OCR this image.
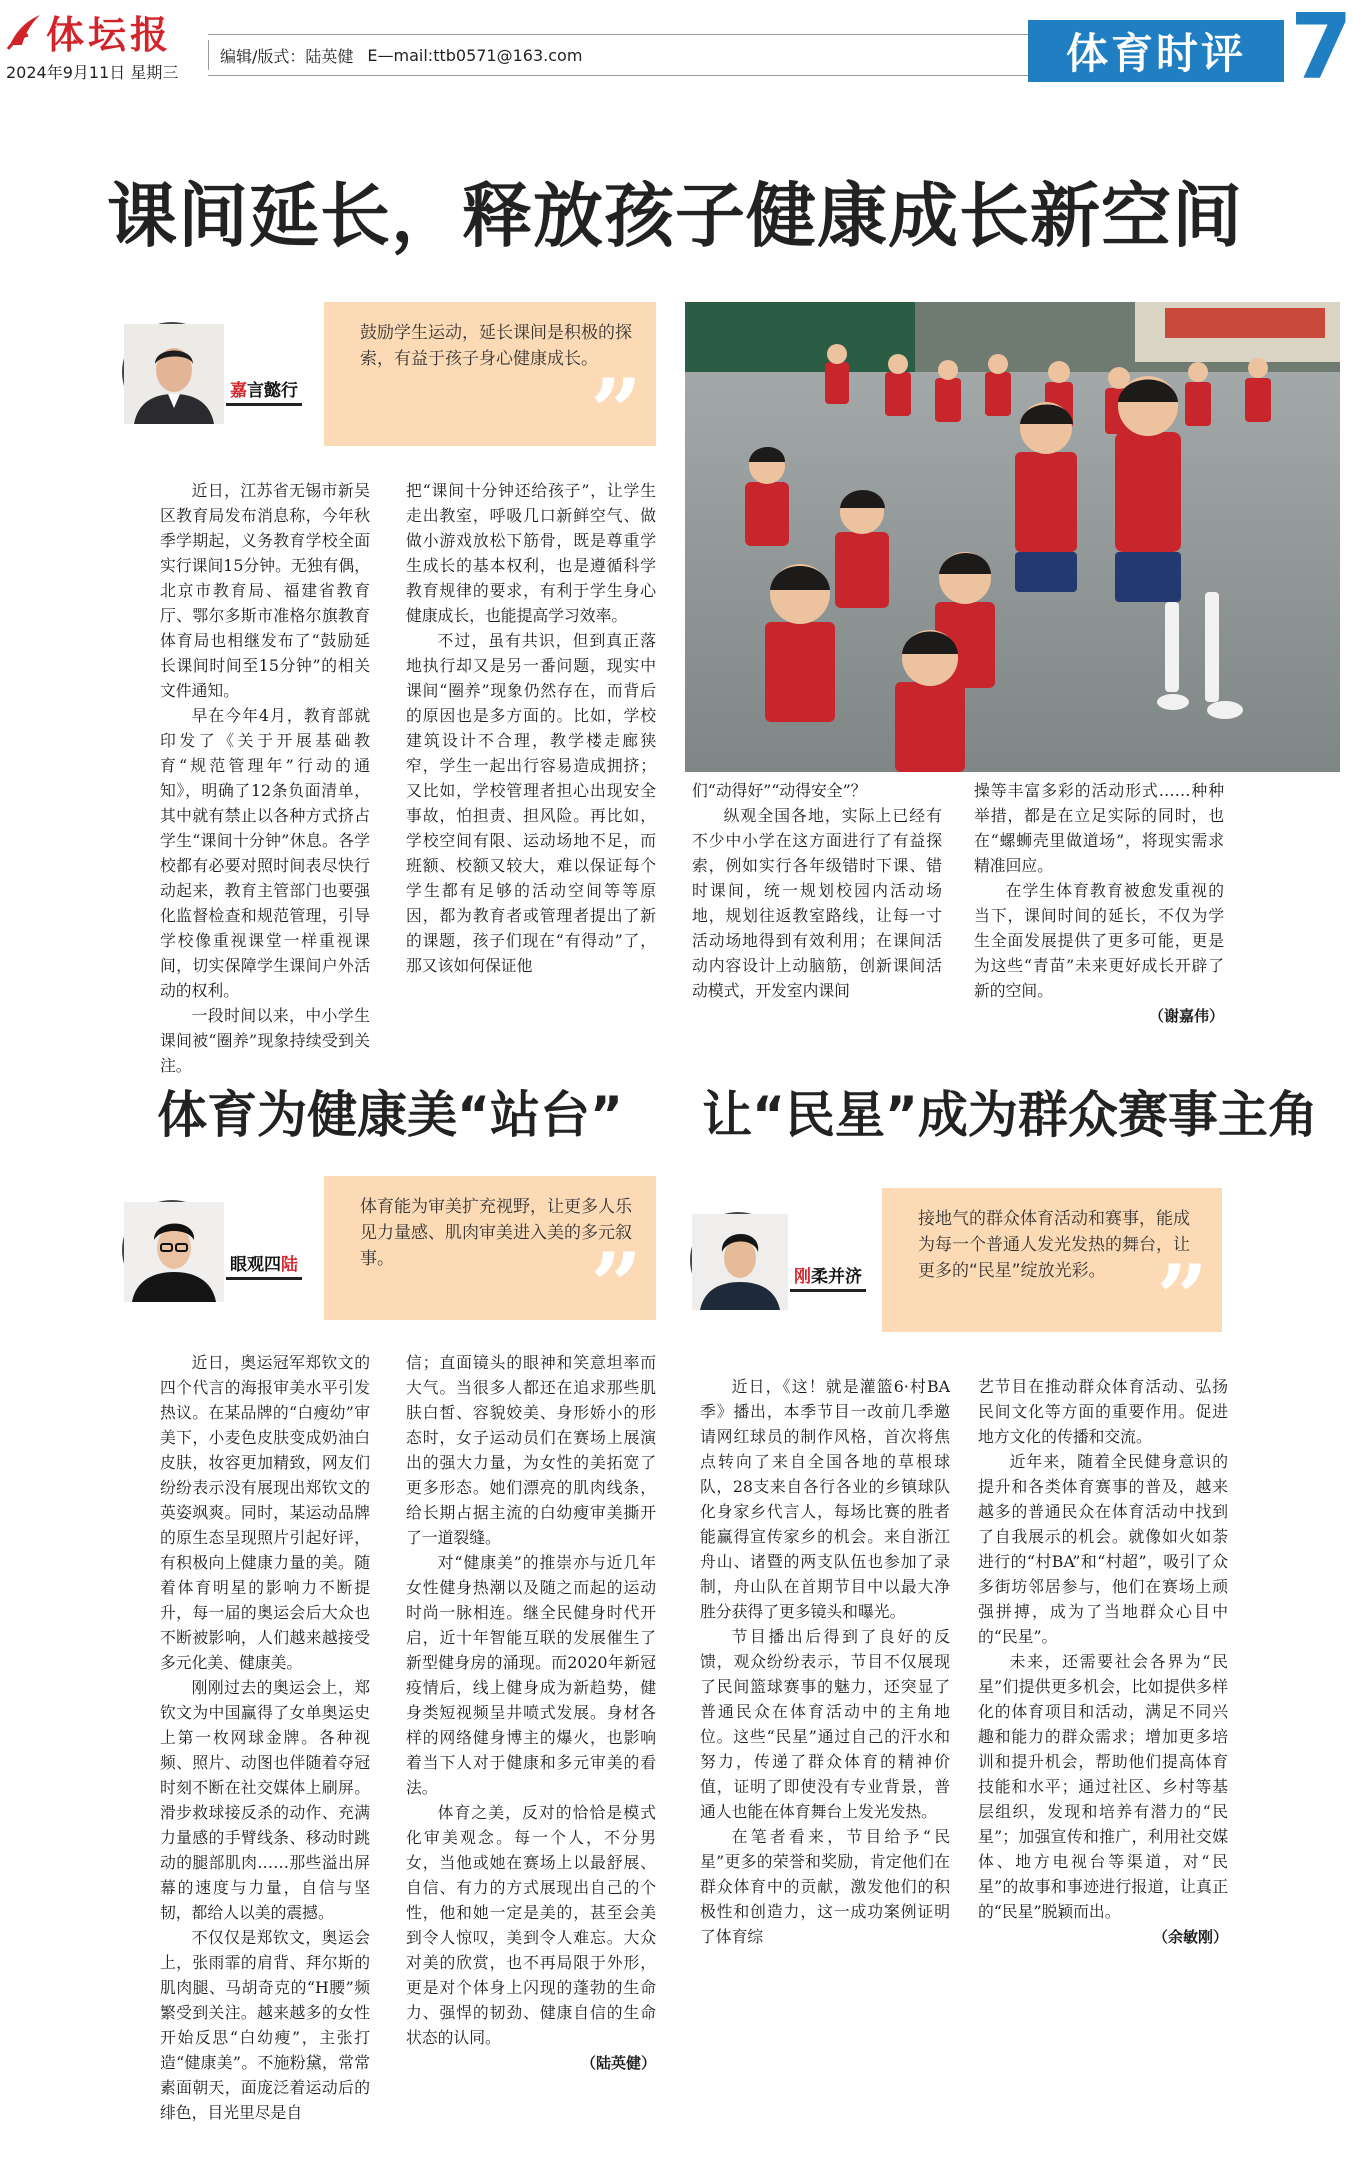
体坛报
2024年9月11日 星期三
编辑/版式：陆英健 E—mail:ttb0571@163.com	体育时评 7
课间延长，释放孩子健康成长新空间
嘉言懿行
鼓励学生运动，延长课间是积极的探索，有益于孩子身心健康成长。
”

近日，江苏省无锡市新吴区教育局发布消息称，今年秋季学期起，义务教育学校全面实行课间15分钟。无独有偶，北京市教育局、福建省教育厅、鄂尔多斯市准格尔旗教育体育局也相继发布了“鼓励延长课间时间至15分钟”的相关文件通知。

早在今年4月，教育部就印发了《关于开展基础教育“规范管理年”行动的通知》，明确了12条负面清单，其中就有禁止以各种方式挤占学生“课间十分钟”休息。各学校都有必要对照时间表尽快行动起来，教育主管部门也要强化监督检查和规范管理，引导学校像重视课堂一样重视课间，切实保障学生课间户外活动的权利。

一段时间以来，中小学生课间被“圈养”现象持续受到关注。

把“课间十分钟还给孩子”，让学生走出教室，呼吸几口新鲜空气、做做小游戏放松下筋骨，既是尊重学生成长的基本权利，也是遵循科学教育规律的要求，有利于学生身心健康成长，也能提高学习效率。

不过，虽有共识，但到真正落地执行却又是另一番问题，现实中课间“圈养”现象仍然存在，而背后的原因也是多方面的。比如，学校建筑设计不合理，教学楼走廊狭窄，学生一起出行容易造成拥挤；又比如，学校管理者担心出现安全事故，怕担责、担风险。再比如，学校空间有限、运动场地不足，而班额、校额又较大，难以保证每个学生都有足够的活动空间等等原因，都为教育者或管理者提出了新的课题，孩子们现在“有得动”了，那又该如何保证他

们“动得好”“动得安全”？

纵观全国各地，实际上已经有不少中小学在这方面进行了有益探索，例如实行各年级错时下课、错时课间，统一规划校园内活动场地，规划往返教室路线，让每一寸活动场地得到有效利用；在课间活动内容设计上动脑筋，创新课间活动模式，开发室内课间

操等丰富多彩的活动形式……种种举措，都是在立足实际的同时，也在“螺蛳壳里做道场”，将现实需求精准回应。

在学生体育教育被愈发重视的当下，课间时间的延长，不仅为学生全面发展提供了更多可能，更是为这些“青苗”未来更好成长开辟了新的空间。

（谢嘉伟）

体育为健康美“站台”
眼观四陆
体育能为审美扩充视野，让更多人乐见力量感、肌肉审美进入美的多元叙事。 ”

近日，奥运冠军郑钦文的四个代言的海报审美水平引发热议。在某品牌的“白瘦幼”审美下，小麦色皮肤变成奶油白皮肤，妆容更加精致，网友们纷纷表示没有展现出郑钦文的英姿飒爽。同时，某运动品牌的原生态呈现照片引起好评，有积极向上健康力量的美。随着体育明星的影响力不断提升，每一届的奥运会后大众也不断被影响，人们越来越接受多元化美、健康美。

刚刚过去的奥运会上，郑钦文为中国赢得了女单奥运史上第一枚网球金牌。各种视频、照片、动图也伴随着夺冠时刻不断在社交媒体上刷屏。滑步救球接反杀的动作、充满力量感的手臂线条、移动时跳动的腿部肌肉……那些溢出屏幕的速度与力量，自信与坚韧，都给人以美的震撼。

不仅仅是郑钦文，奥运会上，张雨霏的肩背、拜尔斯的肌肉腿、马胡奇克的“H腰”频繁受到关注。越来越多的女性开始反思“白幼瘦”，主张打造“健康美”。不施粉黛，常常素面朝天，面庞泛着运动后的绯色，目光里尽是自

信；直面镜头的眼神和笑意坦率而大气。当很多人都还在追求那些肌肤白皙、容貌姣美、身形娇小的形态时，女子运动员们在赛场上展演出的强大力量，为女性的美拓宽了更多形态。她们漂亮的肌肉线条，给长期占据主流的白幼瘦审美撕开了一道裂缝。

对“健康美”的推崇亦与近几年女性健身热潮以及随之而起的运动时尚一脉相连。继全民健身时代开启，近十年智能互联的发展催生了新型健身房的涌现。而2020年新冠疫情后，线上健身成为新趋势，健身类短视频呈井喷式发展。身材各样的网络健身博主的爆火，也影响着当下人对于健康和多元审美的看法。

体育之美，反对的恰恰是模式化审美观念。每一个人，不分男女，当他或她在赛场上以最舒展、自信、有力的方式展现出自己的个性，他和她一定是美的，甚至会美到令人惊叹，美到令人难忘。大众对美的欣赏，也不再局限于外形，更是对个体身上闪现的蓬勃的生命力、强悍的韧劲、健康自信的生命状态的认同。

（陆英健）

让“民星”成为群众赛事主角
刚柔并济
接地气的群众体育活动和赛事，能成为每一个普通人发光发热的舞台，让更多的“民星”绽放光彩。 ”

近日，《这！就是灌篮6·村BA季》播出，本季节目一改前几季邀请网红球员的制作风格，首次将焦点转向了来自全国各地的草根球队，28支来自各行各业的乡镇球队化身家乡代言人，每场比赛的胜者能赢得宣传家乡的机会。来自浙江舟山、诸暨的两支队伍也参加了录制，舟山队在首期节目中以最大净胜分获得了更多镜头和曝光。

节目播出后得到了良好的反馈，观众纷纷表示，节目不仅展现了民间篮球赛事的魅力，还突显了普通民众在体育活动中的主角地位。这些“民星”通过自己的汗水和努力，传递了群众体育的精神价值，证明了即使没有专业背景，普通人也能在体育舞台上发光发热。

在笔者看来，节目给予“民星”更多的荣誉和奖励，肯定他们在群众体育中的贡献，激发他们的积极性和创造力，这一成功案例证明了体育综

艺节目在推动群众体育活动、弘扬民间文化等方面的重要作用。促进地方文化的传播和交流。

近年来，随着全民健身意识的提升和各类体育赛事的普及，越来越多的普通民众在体育活动中找到了自我展示的机会。就像如火如荼进行的“村BA”和“村超”，吸引了众多街坊邻居参与，他们在赛场上顽强拼搏，成为了当地群众心目中的“民星”。

未来，还需要社会各界为“民星”们提供更多机会，比如提供多样化的体育项目和活动，满足不同兴趣和能力的群众需求；增加更多培训和提升机会，帮助他们提高体育技能和水平；通过社区、乡村等基层组织，发现和培养有潜力的“民星”；加强宣传和推广，利用社交媒体、地方电视台等渠道，对“民星”的故事和事迹进行报道，让真正的“民星”脱颖而出。

（余敏刚）
